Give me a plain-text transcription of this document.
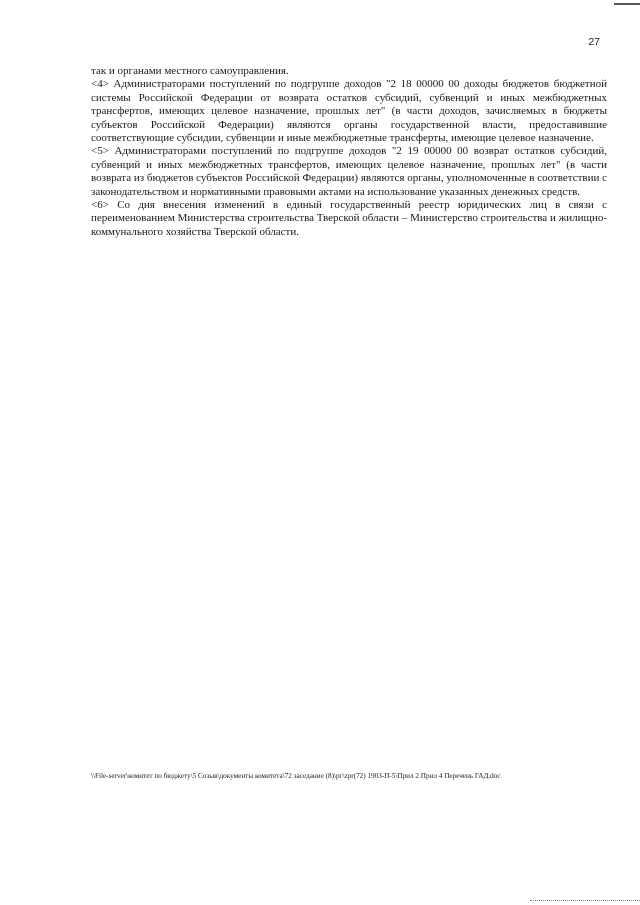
27

так и органами местного самоуправления.

<4> Администраторами поступлений по подгруппе доходов "2 18 00000 00 доходы бюджетов бюджетной системы Российской Федерации от возврата остатков субсидий, субвенций и иных межбюджетных трансфертов, имеющих целевое назначение, прошлых лет" (в части доходов, зачисляемых в бюджеты субъектов Российской Федерации) являются органы государственной власти, предоставившие соответствующие субсидии, субвенции и иные межбюджетные трансферты, имеющие целевое назначение.

<5> Администраторами поступлений по подгруппе доходов "2 19 00000 00 возврат остатков субсидий, субвенций и иных межбюджетных трансфертов, имеющих целевое назначение, прошлых лет" (в части возврата из бюджетов субъектов Российской Федерации) являются органы, уполномоченные в соответствии с законодательством и нормативными правовыми актами на использование указанных денежных средств.

<6> Со дня внесения изменений в единый государственный реестр юридических лиц в связи с переименованием Министерства строительства Тверской области – Министерство строительства и жилищно-коммунального хозяйства Тверской области.

\\File-server\комитет по бюджету\5 Созыв\документы комитета\72 заседание (8)\рг\zpr(72) 1903-П-5\Прил 2 Прил 4 Перечень ГАД.doc
